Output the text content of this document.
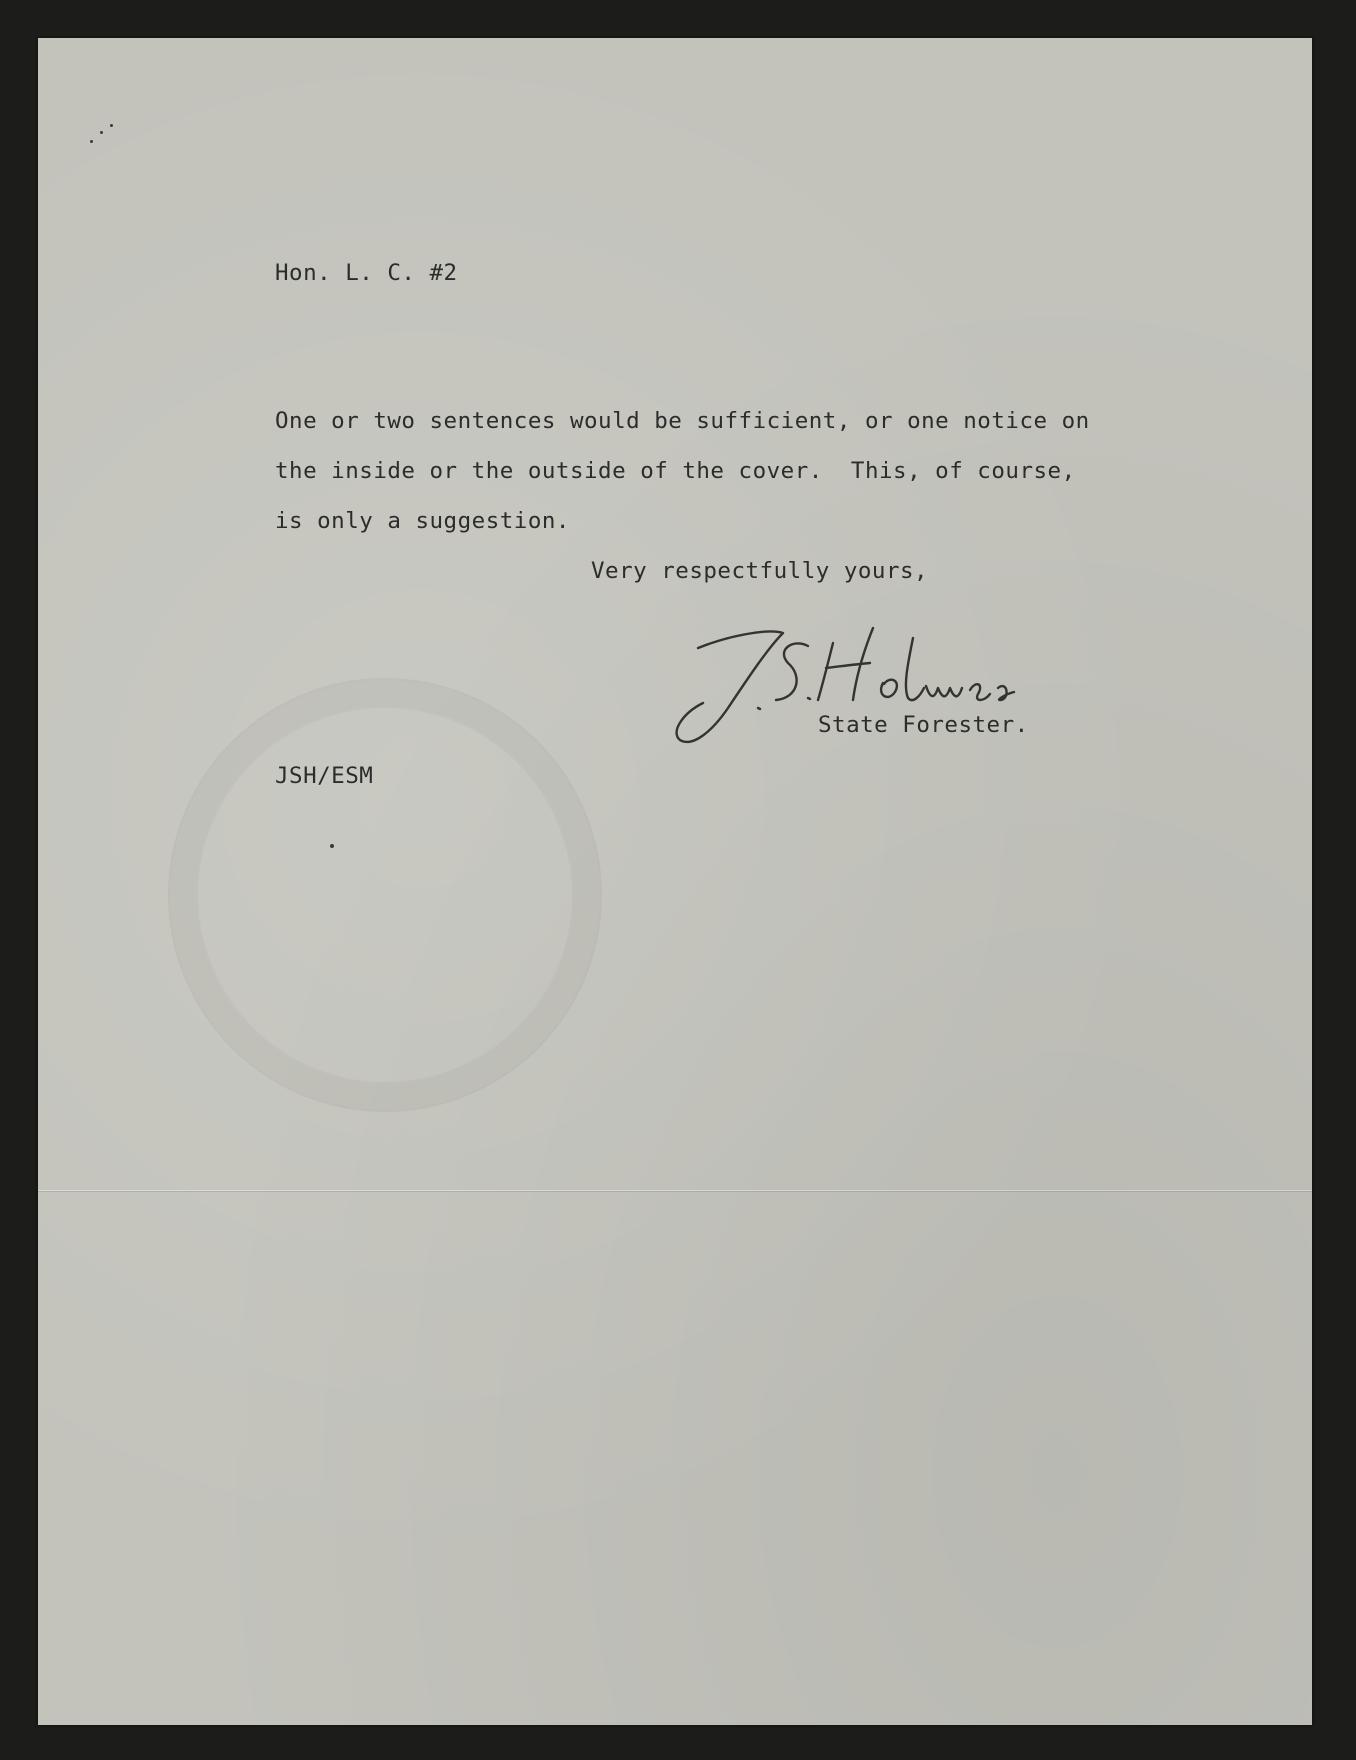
Hon. L. C. #2

One or two sentences would be sufficient, or one notice on

the inside or the outside of the cover.  This, of course,

is only a suggestion.

Very respectfully yours,

State Forester.

JSH/ESM
